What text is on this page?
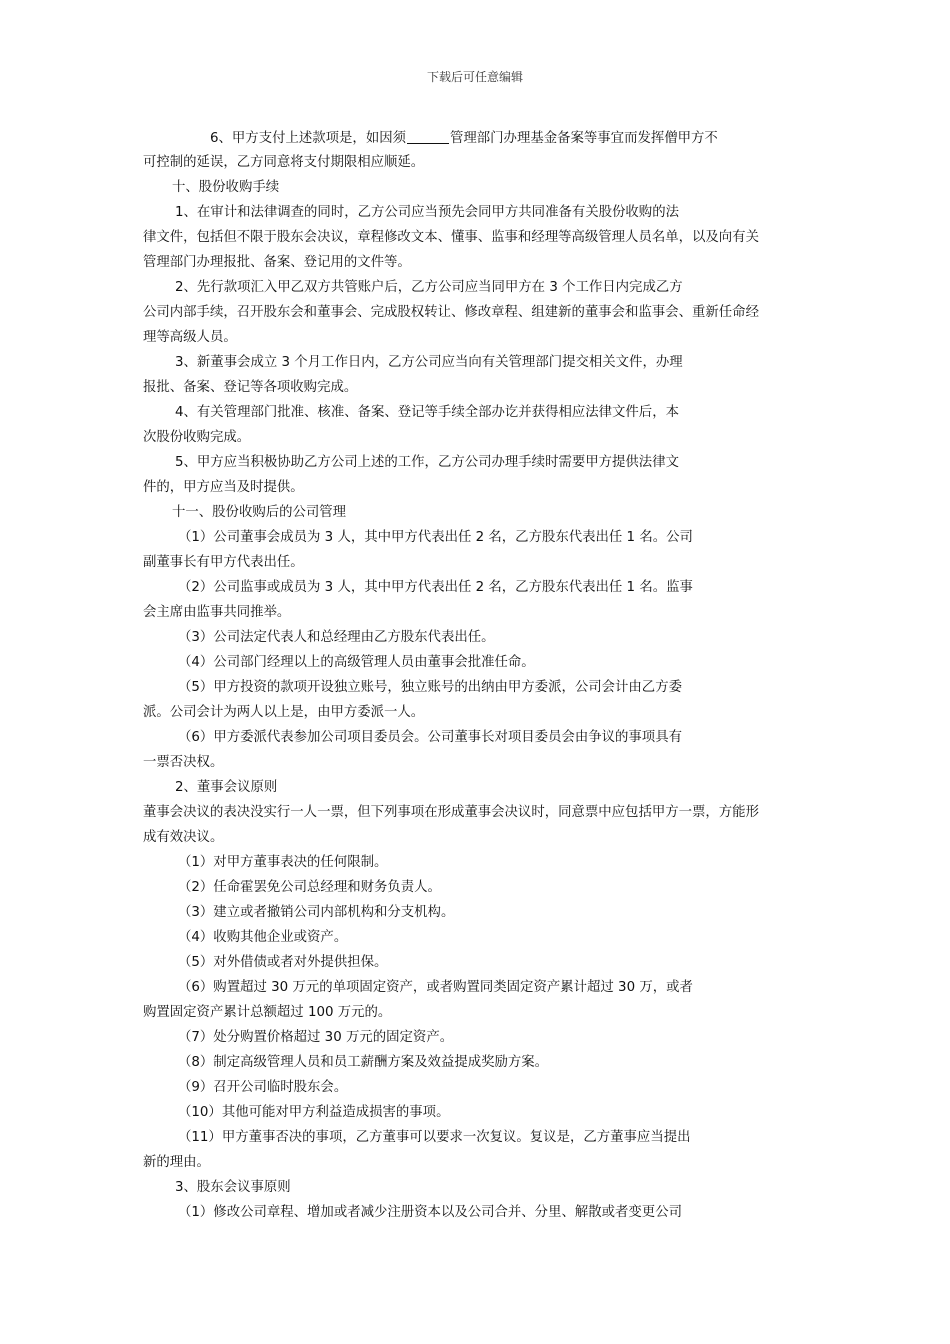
下载后可任意编辑
6、甲方支付上述款项是，如因须	管理部门办理基金备案等事宜而发挥僧甲方不
可控制的延误，乙方同意将支付期限相应顺延。
十、股份收购手续
1、在审计和法律调查的同时，乙方公司应当预先会同甲方共同准备有关股份收购的法
律文件，包括但不限于股东会决议，章程修改文本、懂事、监事和经理等高级管理人员名单，以及向有关
管理部门办理报批、备案、登记用的文件等。
2、先行款项汇入甲乙双方共管账户后，乙方公司应当同甲方在 3 个工作日内完成乙方
公司内部手续，召开股东会和董事会、完成股权转让、修改章程、组建新的董事会和监事会、重新任命经
理等高级人员。
3、新董事会成立 3 个月工作日内，乙方公司应当向有关管理部门提交相关文件，办理
报批、备案、登记等各项收购完成。
4、有关管理部门批准、核准、备案、登记等手续全部办讫并获得相应法律文件后，本
次股份收购完成。
5、甲方应当积极协助乙方公司上述的工作，乙方公司办理手续时需要甲方提供法律文
件的，甲方应当及时提供。
十一、股份收购后的公司管理
（1）公司董事会成员为 3 人，其中甲方代表出任 2 名，乙方股东代表出任 1 名。公司
副董事长有甲方代表出任。
（2）公司监事或成员为 3 人，其中甲方代表出任 2 名，乙方股东代表出任 1 名。监事
会主席由监事共同推举。
（3）公司法定代表人和总经理由乙方股东代表出任。
（4）公司部门经理以上的高级管理人员由董事会批准任命。
（5）甲方投资的款项开设独立账号，独立账号的出纳由甲方委派，公司会计由乙方委
派。公司会计为两人以上是，由甲方委派一人。
（6）甲方委派代表参加公司项目委员会。公司董事长对项目委员会由争议的事项具有
一票否决权。
2、董事会议原则
董事会决议的表决没实行一人一票，但下列事项在形成董事会决议时，同意票中应包括甲方一票，方能形
成有效决议。
（1）对甲方董事表决的任何限制。
（2）任命霍罢免公司总经理和财务负责人。
（3）建立或者撤销公司内部机构和分支机构。
（4）收购其他企业或资产。
（5）对外借债或者对外提供担保。
（6）购置超过 30 万元的单项固定资产，或者购置同类固定资产累计超过 30 万，或者
购置固定资产累计总额超过 100 万元的。
（7）处分购置价格超过 30 万元的固定资产。
（8）制定高级管理人员和员工薪酬方案及效益提成奖励方案。
（9）召开公司临时股东会。
（10）其他可能对甲方利益造成损害的事项。
（11）甲方董事否决的事项，乙方董事可以要求一次复议。复议是，乙方董事应当提出
新的理由。
3、股东会议事原则
（1）修改公司章程、增加或者减少注册资本以及公司合并、分里、解散或者变更公司
